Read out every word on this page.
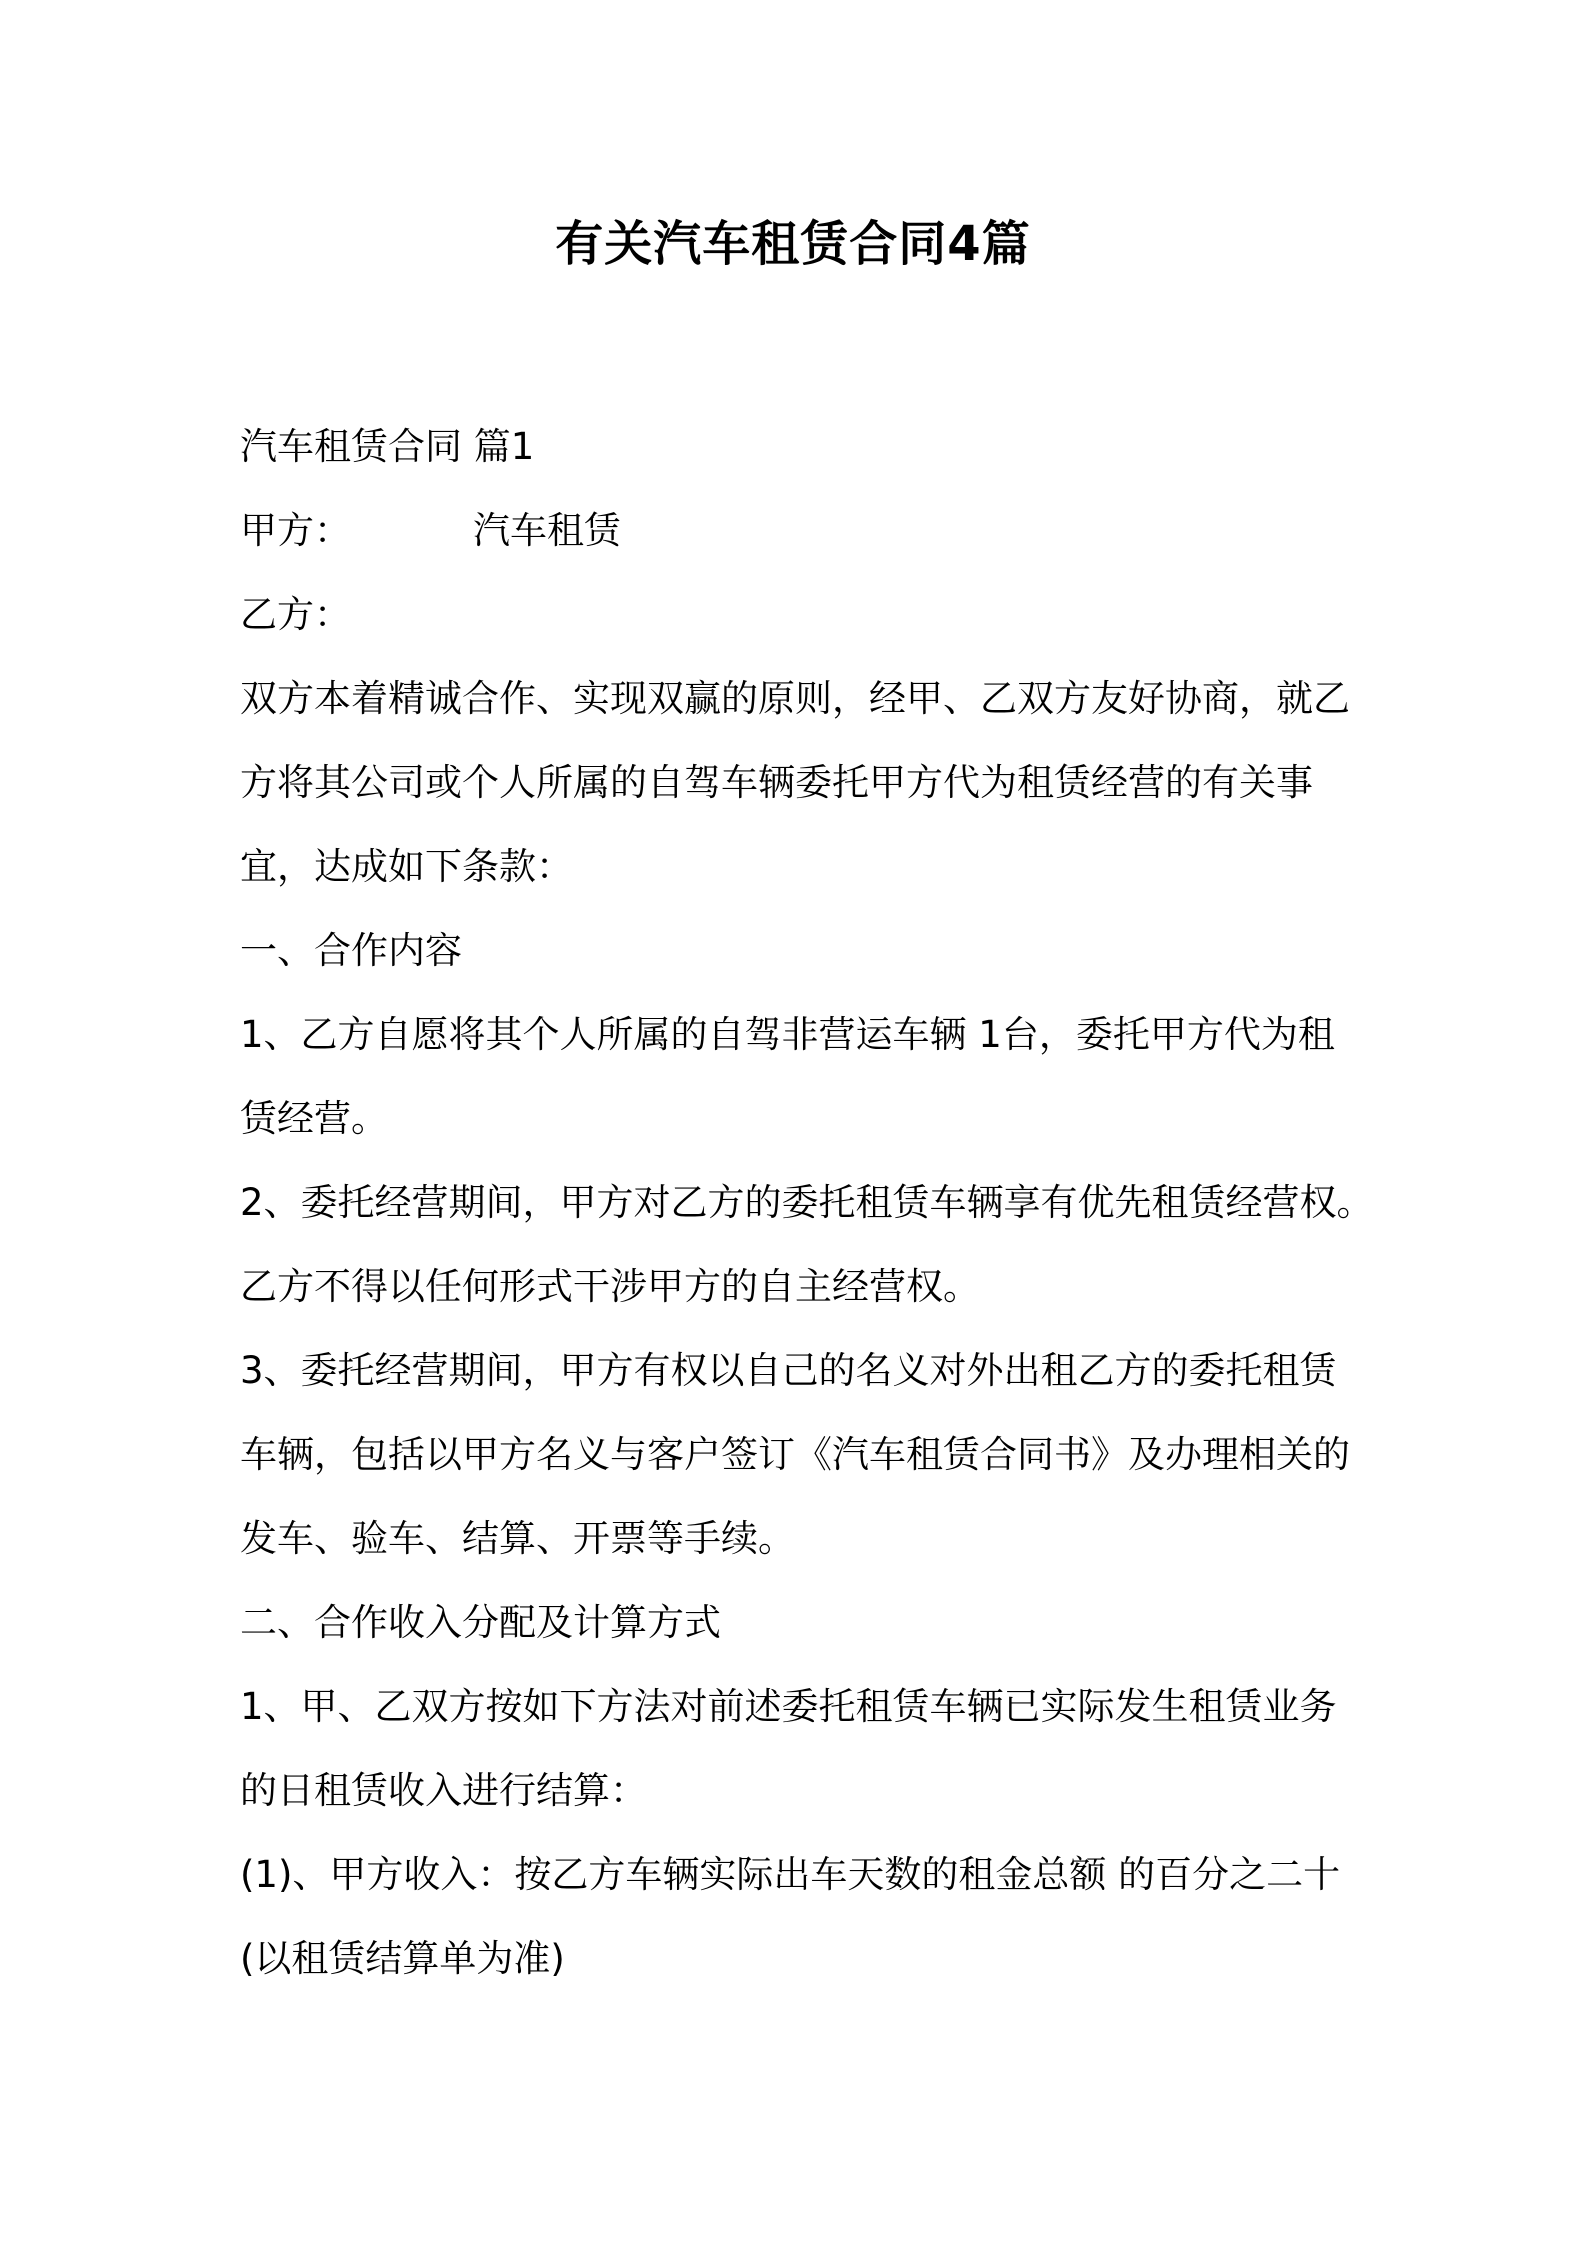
有关汽车租赁合同4篇
汽车租赁合同 篇1
甲方：	汽车租赁
乙方：
双方本着精诚合作、实现双赢的原则，经甲、乙双方友好协商，就乙
方将其公司或个人所属的自驾车辆委托甲方代为租赁经营的有关事
宜，达成如下条款：
一、合作内容
1、乙方自愿将其个人所属的自驾非营运车辆 1台，委托甲方代为租
赁经营。
2、委托经营期间，甲方对乙方的委托租赁车辆享有优先租赁经营权。
乙方不得以任何形式干涉甲方的自主经营权。
3、委托经营期间，甲方有权以自己的名义对外出租乙方的委托租赁
车辆，包括以甲方名义与客户签订《汽车租赁合同书》及办理相关的
发车、验车、结算、开票等手续。
二、合作收入分配及计算方式
1、甲、乙双方按如下方法对前述委托租赁车辆已实际发生租赁业务
的日租赁收入进行结算：
(1)、甲方收入：按乙方车辆实际出车天数的租金总额 的百分之二十
(以租赁结算单为准)
